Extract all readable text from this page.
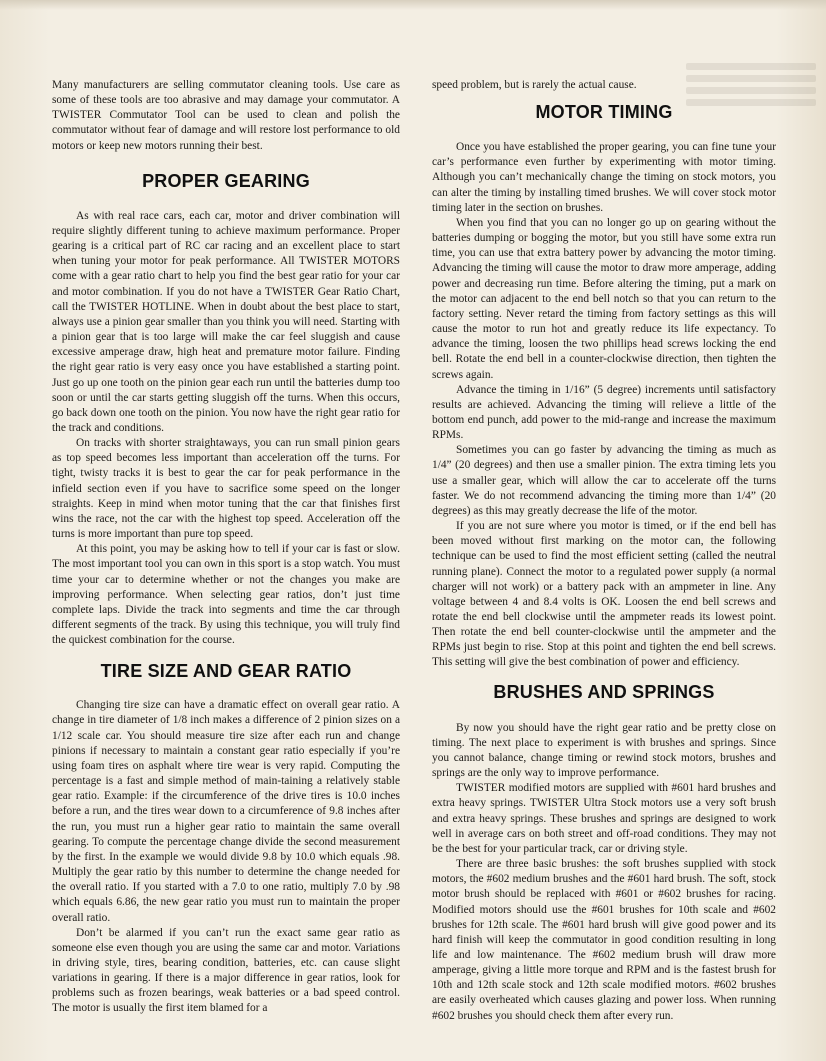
Many manufacturers are selling commutator cleaning tools. Use care as some of these tools are too abrasive and may damage your commutator. A TWISTER Commutator Tool can be used to clean and polish the commutator without fear of damage and will restore lost performance to old motors or keep new motors running their best.

PROPER GEARING

As with real race cars, each car, motor and driver combination will require slightly different tuning to achieve maximum performance. Proper gearing is a critical part of RC car racing and an excellent place to start when tuning your motor for peak performance. All TWISTER MOTORS come with a gear ratio chart to help you find the best gear ratio for your car and motor combination. If you do not have a TWISTER Gear Ratio Chart, call the TWISTER HOTLINE. When in doubt about the best place to start, always use a pinion gear smaller than you think you will need. Starting with a pinion gear that is too large will make the car feel sluggish and cause excessive amperage draw, high heat and premature motor failure. Finding the right gear ratio is very easy once you have established a starting point. Just go up one tooth on the pinion gear each run until the batteries dump too soon or until the car starts getting sluggish off the turns. When this occurs, go back down one tooth on the pinion. You now have the right gear ratio for the track and conditions.

On tracks with shorter straightaways, you can run small pinion gears as top speed becomes less important than acceleration off the turns. For tight, twisty tracks it is best to gear the car for peak performance in the infield section even if you have to sacrifice some speed on the longer straights. Keep in mind when motor tuning that the car that finishes first wins the race, not the car with the highest top speed. Acceleration off the turns is more important than pure top speed.

At this point, you may be asking how to tell if your car is fast or slow. The most important tool you can own in this sport is a stop watch. You must time your car to determine whether or not the changes you make are improving performance. When selecting gear ratios, don’t just time complete laps. Divide the track into segments and time the car through different segments of the track. By using this technique, you will truly find the quickest combination for the course.

TIRE SIZE AND GEAR RATIO

Changing tire size can have a dramatic effect on overall gear ratio. A change in tire diameter of 1/8 inch makes a difference of 2 pinion sizes on a 1/12 scale car. You should measure tire size after each run and change pinions if necessary to maintain a constant gear ratio especially if you’re using foam tires on asphalt where tire wear is very rapid. Computing the percentage is a fast and simple method of main-taining a relatively stable gear ratio. Example: if the circumference of the drive tires is 10.0 inches before a run, and the tires wear down to a circumference of 9.8 inches after the run, you must run a higher gear ratio to maintain the same overall gearing. To compute the percentage change divide the second measurement by the first. In the example we would divide 9.8 by 10.0 which equals .98. Multiply the gear ratio by this number to determine the change needed for the overall ratio. If you started with a 7.0 to one ratio, multiply 7.0 by .98 which equals 6.86, the new gear ratio you must run to maintain the proper overall ratio.

Don’t be alarmed if you can’t run the exact same gear ratio as someone else even though you are using the same car and motor. Variations in driving style, tires, bearing condition, batteries, etc. can cause slight variations in gearing. If there is a major difference in gear ratios, look for problems such as frozen bearings, weak batteries or a bad speed control. The motor is usually the first item blamed for a

speed problem, but is rarely the actual cause.

MOTOR TIMING

Once you have established the proper gearing, you can fine tune your car’s performance even further by experimenting with motor timing. Although you can’t mechanically change the timing on stock motors, you can alter the timing by installing timed brushes. We will cover stock motor timing later in the section on brushes.

When you find that you can no longer go up on gearing without the batteries dumping or bogging the motor, but you still have some extra run time, you can use that extra battery power by advancing the motor timing. Advancing the timing will cause the motor to draw more amperage, adding power and decreasing run time. Before altering the timing, put a mark on the motor can adjacent to the end bell notch so that you can return to the factory setting. Never retard the timing from factory settings as this will cause the motor to run hot and greatly reduce its life expectancy. To advance the timing, loosen the two phillips head screws locking the end bell. Rotate the end bell in a counter-clockwise direction, then tighten the screws again.

Advance the timing in 1/16” (5 degree) increments until satisfactory results are achieved. Advancing the timing will relieve a little of the bottom end punch, add power to the mid-range and increase the maximum RPMs.

Sometimes you can go faster by advancing the timing as much as 1/4” (20 degrees) and then use a smaller pinion. The extra timing lets you use a smaller gear, which will allow the car to accelerate off the turns faster. We do not recommend advancing the timing more than 1/4” (20 degrees) as this may greatly decrease the life of the motor.

If you are not sure where you motor is timed, or if the end bell has been moved without first marking on the motor can, the following technique can be used to find the most efficient setting (called the neutral running plane). Connect the motor to a regulated power supply (a normal charger will not work) or a battery pack with an ampmeter in line. Any voltage between 4 and 8.4 volts is OK. Loosen the end bell screws and rotate the end bell clockwise until the ampmeter reads its lowest point. Then rotate the end bell counter-clockwise until the ampmeter and the RPMs just begin to rise. Stop at this point and tighten the end bell screws. This setting will give the best combination of power and efficiency.

BRUSHES AND SPRINGS

By now you should have the right gear ratio and be pretty close on timing. The next place to experiment is with brushes and springs. Since you cannot balance, change timing or rewind stock motors, brushes and springs are the only way to improve performance.

TWISTER modified motors are supplied with #601 hard brushes and extra heavy springs. TWISTER Ultra Stock motors use a very soft brush and extra heavy springs. These brushes and springs are designed to work well in average cars on both street and off-road conditions. They may not be the best for your particular track, car or driving style.

There are three basic brushes: the soft brushes supplied with stock motors, the #602 medium brushes and the #601 hard brush. The soft, stock motor brush should be replaced with #601 or #602 brushes for racing. Modified motors should use the #601 brushes for 10th scale and #602 brushes for 12th scale. The #601 hard brush will give good power and its hard finish will keep the commutator in good condition resulting in long life and low maintenance. The #602 medium brush will draw more amperage, giving a little more torque and RPM and is the fastest brush for 10th and 12th scale stock and 12th scale modified motors. #602 brushes are easily overheated which causes glazing and power loss. When running #602 brushes you should check them after every run.
